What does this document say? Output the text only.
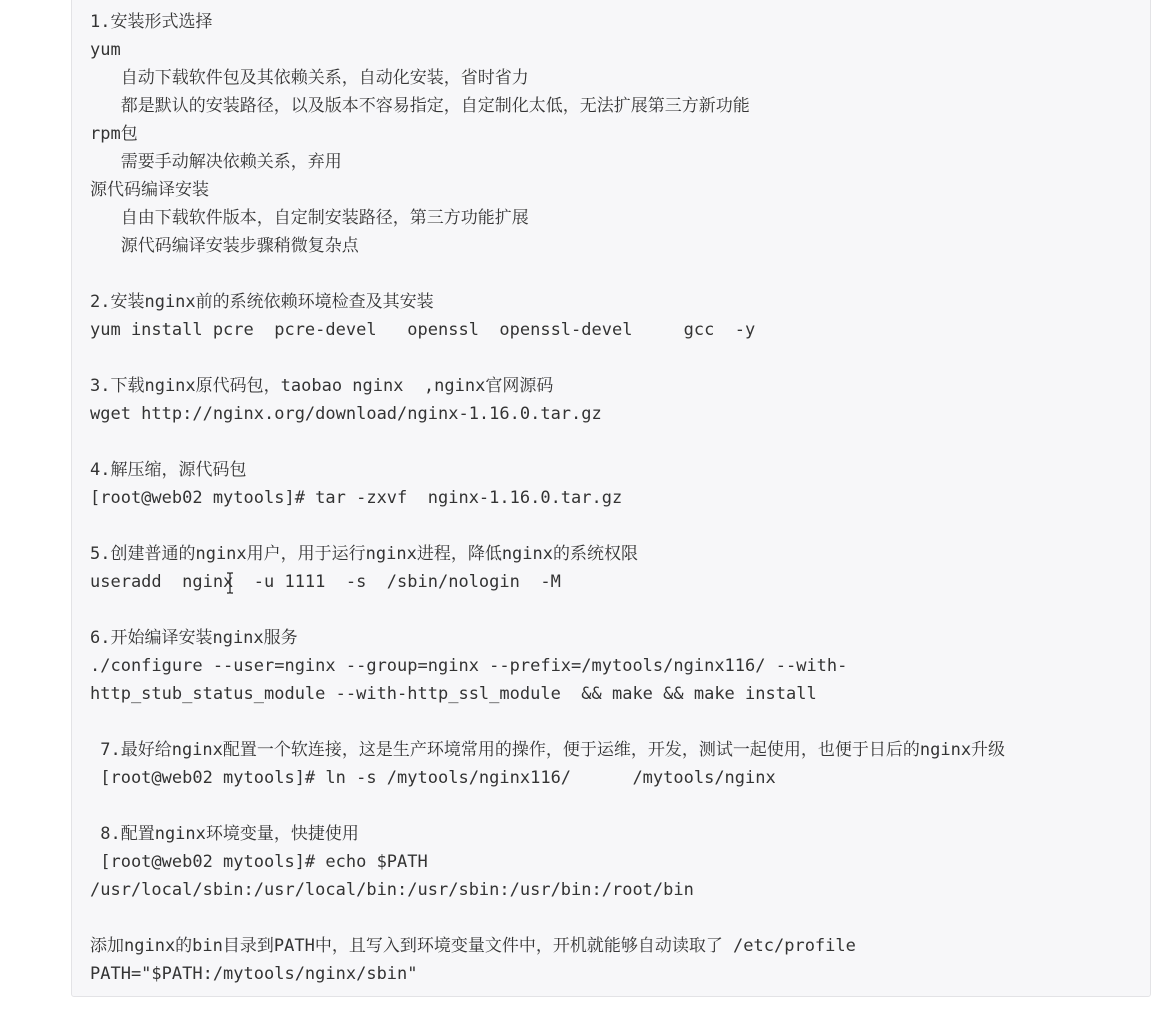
1.安装形式选择
yum
自动下载软件包及其依赖关系，自动化安装，省时省力
都是默认的安装路径，以及版本不容易指定，自定制化太低，无法扩展第三方新功能
rpm包
需要手动解决依赖关系，弃用
源代码编译安装
自由下载软件版本，自定制安装路径，第三方功能扩展
源代码编译安装步骤稍微复杂点
2.安装nginx前的系统依赖环境检查及其安装
yum install pcre  pcre-devel   openssl  openssl-devel     gcc  -y
3.下载nginx原代码包，taobao nginx  ,nginx官网源码
wget http://nginx.org/download/nginx-1.16.0.tar.gz
4.解压缩，源代码包
[root@web02 mytools]# tar -zxvf  nginx-1.16.0.tar.gz
5.创建普通的nginx用户，用于运行nginx进程，降低nginx的系统权限
useradd  nginx  -u 1111  -s  /sbin/nologin  -M
6.开始编译安装nginx服务
./configure --user=nginx --group=nginx --prefix=/mytools/nginx116/ --with-
http_stub_status_module --with-http_ssl_module  && make && make install
7.最好给nginx配置一个软连接，这是生产环境常用的操作，便于运维，开发，测试一起使用，也便于日后的nginx升级
[root@web02 mytools]# ln -s /mytools/nginx116/      /mytools/nginx
8.配置nginx环境变量，快捷使用
[root@web02 mytools]# echo $PATH
/usr/local/sbin:/usr/local/bin:/usr/sbin:/usr/bin:/root/bin
添加nginx的bin目录到PATH中，且写入到环境变量文件中，开机就能够自动读取了 /etc/profile
PATH="$PATH:/mytools/nginx/sbin"
